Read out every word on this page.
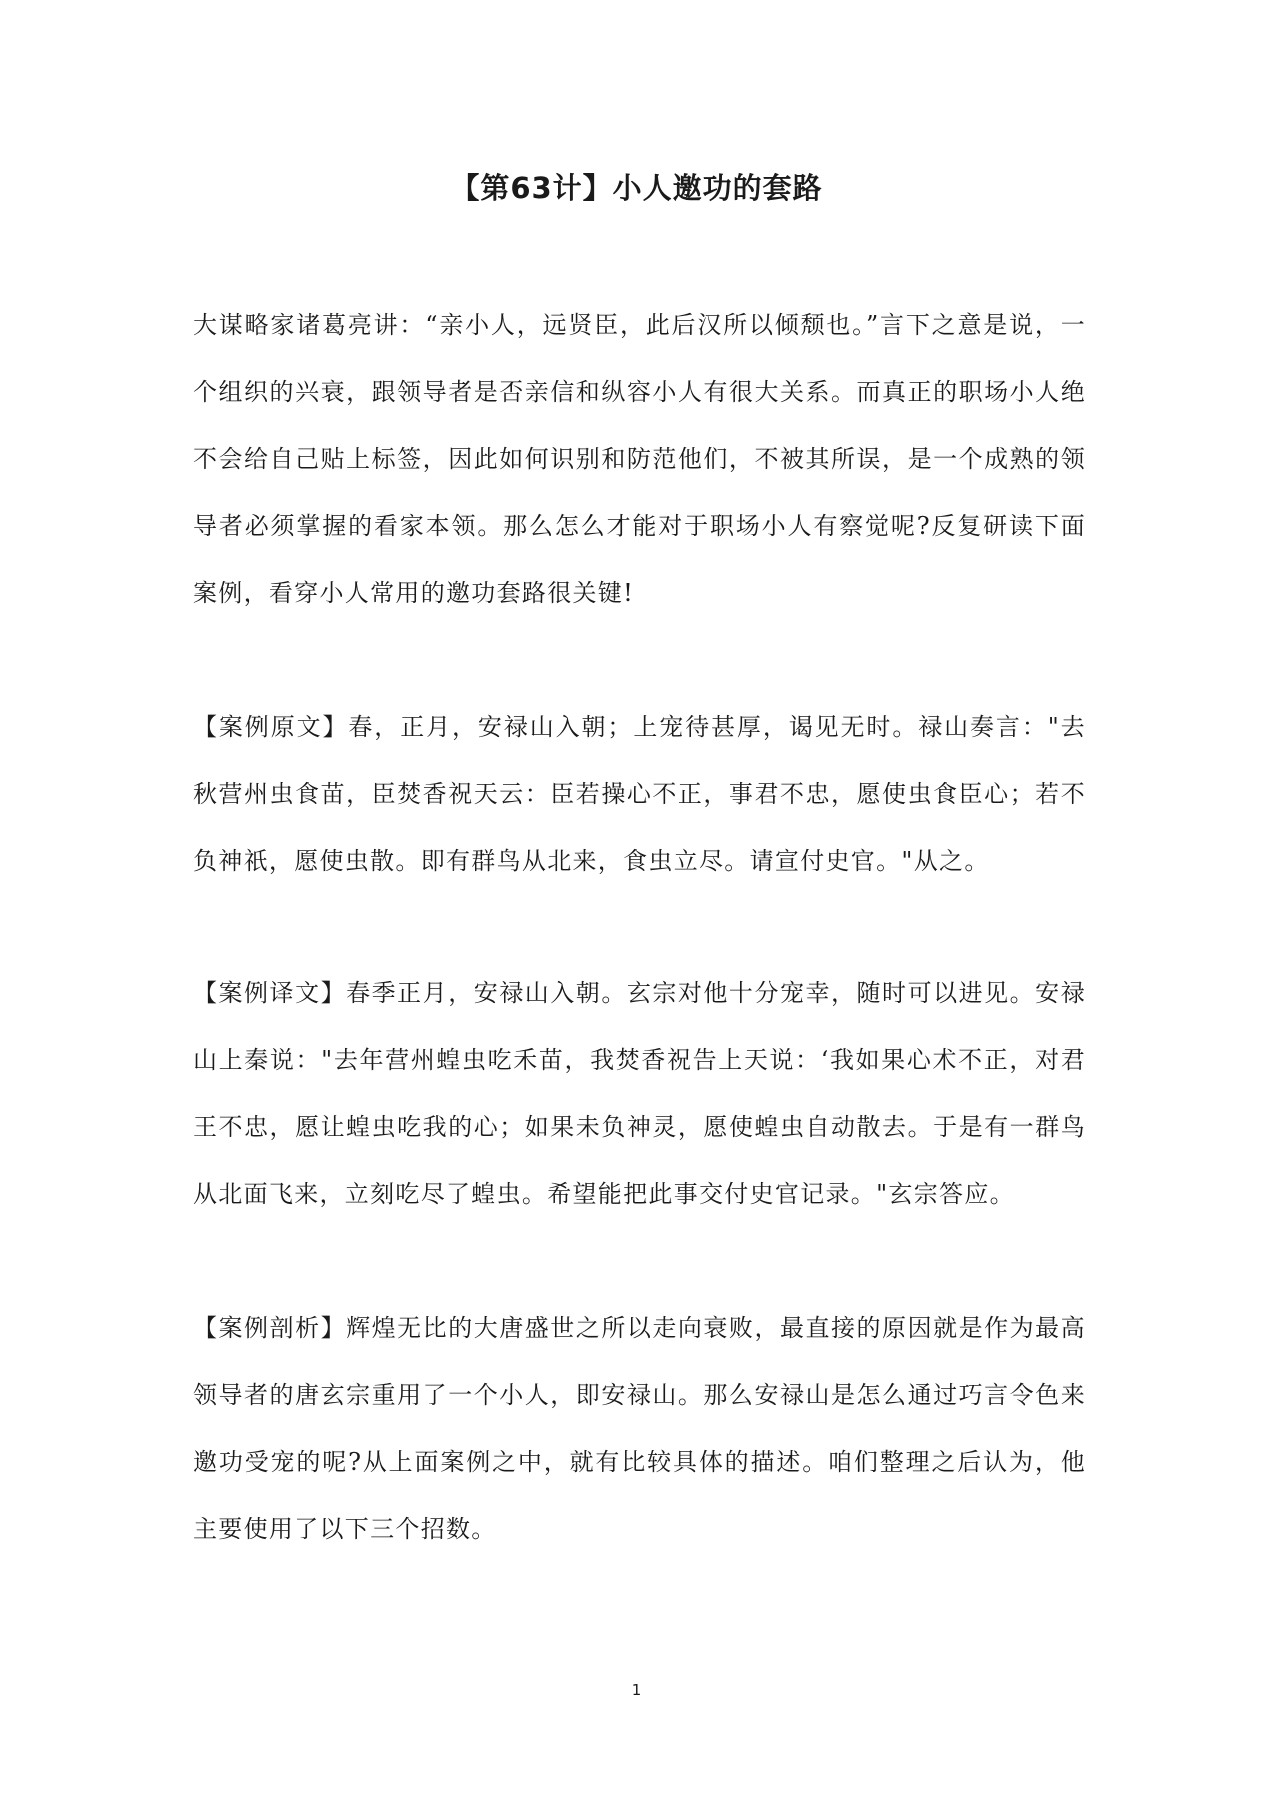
【第63计】小人邀功的套路

大谋略家诸葛亮讲：“亲小人，远贤臣，此后汉所以倾颓也。”言下之意是说，一个组织的兴衰，跟领导者是否亲信和纵容小人有很大关系。而真正的职场小人绝不会给自己贴上标签，因此如何识别和防范他们，不被其所误，是一个成熟的领导者必须掌握的看家本领。那么怎么才能对于职场小人有察觉呢?反复研读下面案例，看穿小人常用的邀功套路很关键!

【案例原文】春，正月，安禄山入朝；上宠待甚厚，谒见无时。禄山奏言："去秋营州虫食苗，臣焚香祝天云：臣若操心不正，事君不忠，愿使虫食臣心；若不负神祇，愿使虫散。即有群鸟从北来，食虫立尽。请宣付史官。"从之。

【案例译文】春季正月，安禄山入朝。玄宗对他十分宠幸，随时可以进见。安禄山上秦说："去年营州蝗虫吃禾苗，我焚香祝告上天说：‘我如果心术不正，对君王不忠，愿让蝗虫吃我的心；如果未负神灵，愿使蝗虫自动散去。于是有一群鸟从北面飞来，立刻吃尽了蝗虫。希望能把此事交付史官记录。"玄宗答应。

【案例剖析】辉煌无比的大唐盛世之所以走向衰败，最直接的原因就是作为最高领导者的唐玄宗重用了一个小人，即安禄山。那么安禄山是怎么通过巧言令色来邀功受宠的呢?从上面案例之中，就有比较具体的描述。咱们整理之后认为，他主要使用了以下三个招数。

1
